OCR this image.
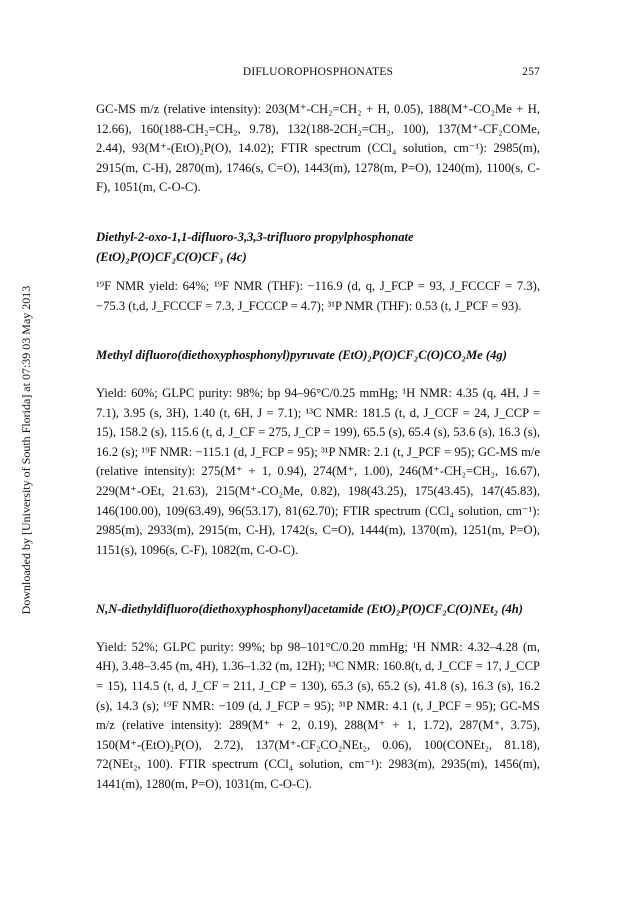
DIFLUOROPHOSPHONATES	257
Downloaded by [University of South Florida] at 07:39 03 May 2013

GC-MS m/z (relative intensity): 203(M⁺-CH₂=CH₂ + H, 0.05), 188(M⁺-CO₂Me + H, 12.66), 160(188-CH₂=CH₂, 9.78), 132(188-2CH₂=CH₂, 100), 137(M⁺-CF₂COMe, 2.44), 93(M⁺-(EtO)₂P(O), 14.02); FTIR spectrum (CCl₄ solution, cm⁻¹): 2985(m), 2915(m, C-H), 2870(m), 1746(s, C=O), 1443(m), 1278(m, P=O), 1240(m), 1100(s, C-F), 1051(m, C-O-C).

Diethyl-2-oxo-1,1-difluoro-3,3,3-trifluoro propylphosphonate (EtO)₂P(O)CF₂C(O)CF₃ (4c)

¹⁹F NMR yield: 64%; ¹⁹F NMR (THF): −116.9 (d, q, J_FCP = 93, J_FCCCF = 7.3), −75.3 (t,d, J_FCCCF = 7.3, J_FCCCP = 4.7); ³¹P NMR (THF): 0.53 (t, J_PCF = 93).

Methyl difluoro(diethoxyphosphonyl)pyruvate (EtO)₂P(O)CF₂C(O)CO₂Me (4g)

Yield: 60%; GLPC purity: 98%; bp 94–96°C/0.25 mmHg; ¹H NMR: 4.35 (q, 4H, J = 7.1), 3.95 (s, 3H), 1.40 (t, 6H, J = 7.1); ¹³C NMR: 181.5 (t, d, J_CCF = 24, J_CCP = 15), 158.2 (s), 115.6 (t, d, J_CF = 275, J_CP = 199), 65.5 (s), 65.4 (s), 53.6 (s), 16.3 (s), 16.2 (s); ¹⁹F NMR: −115.1 (d, J_FCP = 95); ³¹P NMR: 2.1 (t, J_PCF = 95); GC-MS m/e (relative intensity): 275(M⁺ + 1, 0.94), 274(M⁺, 1.00), 246(M⁺-CH₂=CH₂, 16.67), 229(M⁺-OEt, 21.63), 215(M⁺-CO₂Me, 0.82), 198(43.25), 175(43.45), 147(45.83), 146(100.00), 109(63.49), 96(53.17), 81(62.70); FTIR spectrum (CCl₄ solution, cm⁻¹): 2985(m), 2933(m), 2915(m, C-H), 1742(s, C=O), 1444(m), 1370(m), 1251(m, P=O), 1151(s), 1096(s, C-F), 1082(m, C-O-C).

N,N-diethyldifluoro(diethoxyphosphonyl)acetamide (EtO)₂P(O)CF₂C(O)NEt₂ (4h)

Yield: 52%; GLPC purity: 99%; bp 98–101°C/0.20 mmHg; ¹H NMR: 4.32–4.28 (m, 4H), 3.48–3.45 (m, 4H), 1.36–1.32 (m, 12H); ¹³C NMR: 160.8(t, d, J_CCF = 17, J_CCP = 15), 114.5 (t, d, J_CF = 211, J_CP = 130), 65.3 (s), 65.2 (s), 41.8 (s), 16.3 (s), 16.2 (s), 14.3 (s); ¹⁹F NMR: −109 (d, J_FCP = 95); ³¹P NMR: 4.1 (t, J_PCF = 95); GC-MS m/z (relative intensity): 289(M⁺ + 2, 0.19), 288(M⁺ + 1, 1.72), 287(M⁺, 3.75), 150(M⁺-(EtO)₂P(O), 2.72), 137(M⁺-CF₂CO₂NEt₂, 0.06), 100(CONEt₂, 81.18), 72(NEt₂, 100). FTIR spectrum (CCl₄ solution, cm⁻¹): 2983(m), 2935(m), 1456(m), 1441(m), 1280(m, P=O), 1031(m, C-O-C).
